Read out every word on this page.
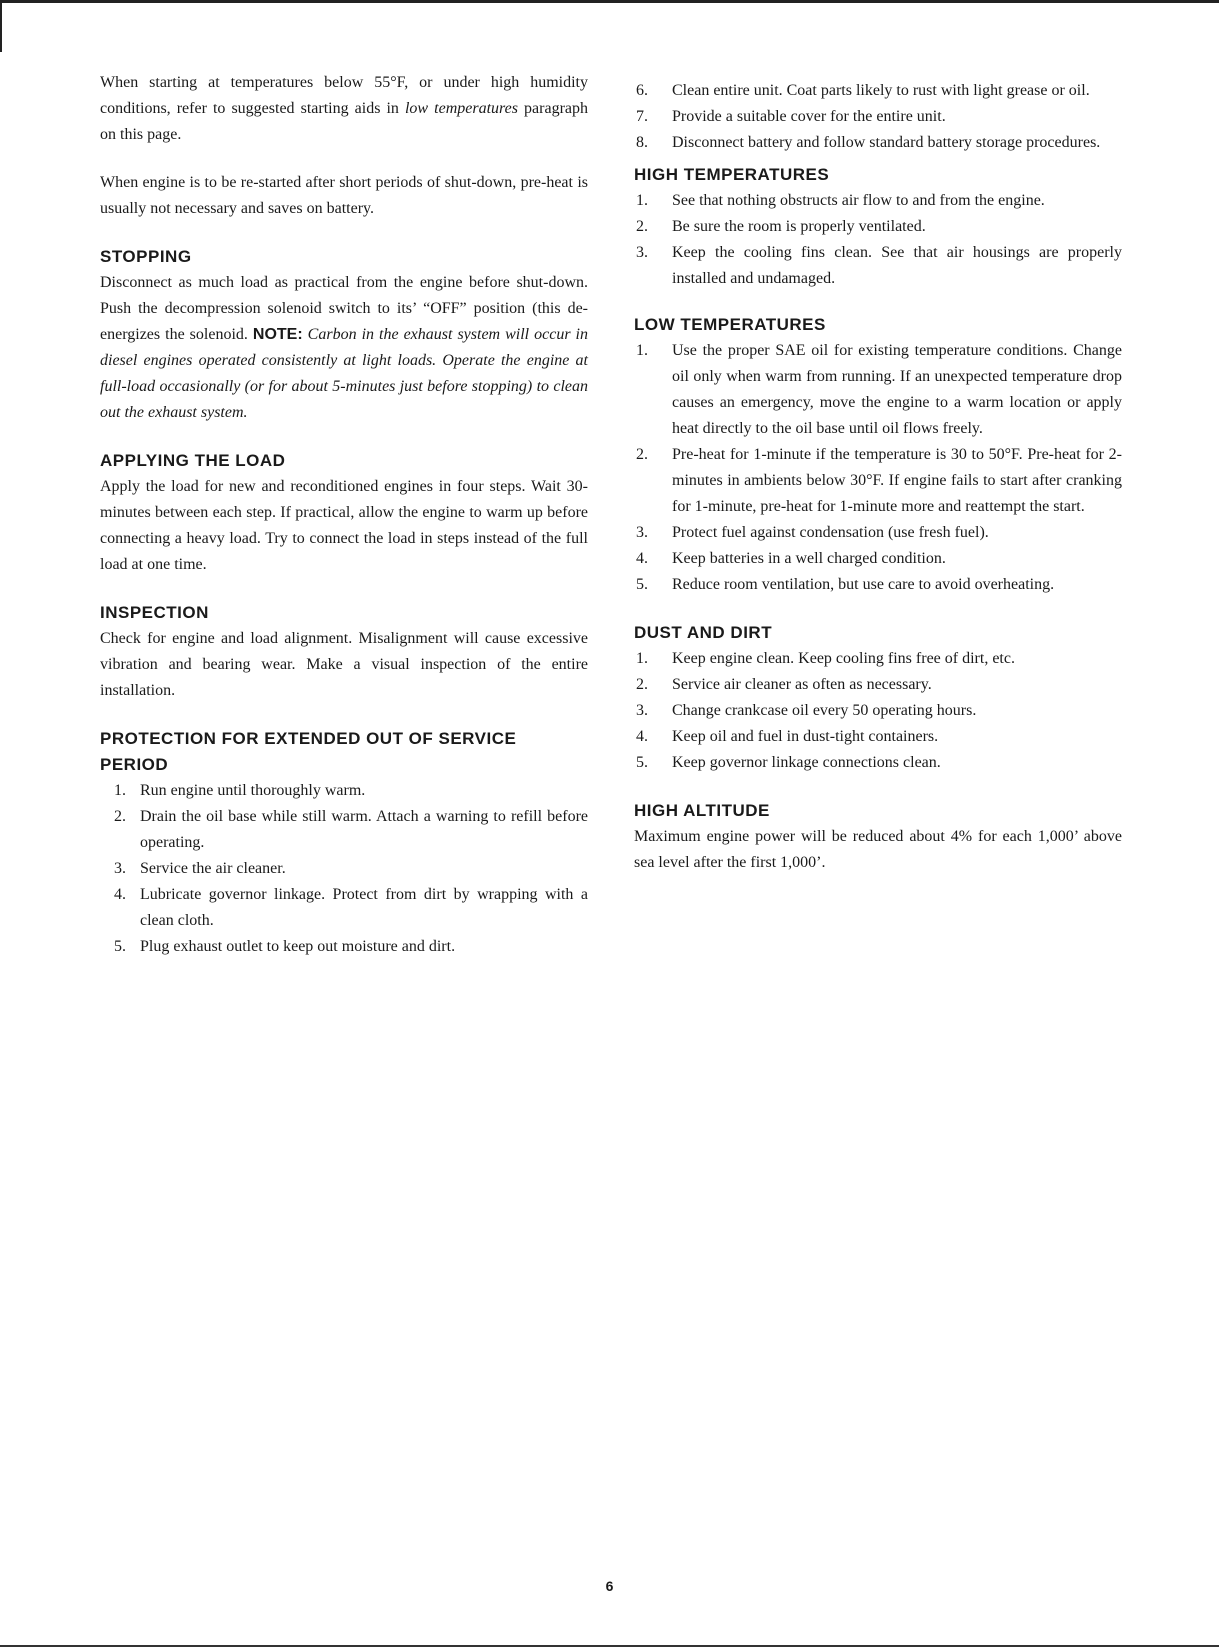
When starting at temperatures below 55°F, or under high humidity conditions, refer to suggested starting aids in low temperatures paragraph on this page.

When engine is to be re-started after short periods of shut-down, pre-heat is usually not necessary and saves on battery.

STOPPING

Disconnect as much load as practical from the engine before shut-down. Push the decompression solenoid switch to its’ “OFF” position (this de-energizes the solenoid. NOTE: Carbon in the exhaust system will occur in diesel engines operated consistently at light loads. Operate the engine at full-load occasionally (or for about 5-minutes just before stopping) to clean out the exhaust system.

APPLYING THE LOAD

Apply the load for new and reconditioned engines in four steps. Wait 30-minutes between each step. If practical, allow the engine to warm up before connecting a heavy load. Try to connect the load in steps instead of the full load at one time.

INSPECTION

Check for engine and load alignment. Misalignment will cause excessive vibration and bearing wear. Make a visual inspection of the entire installation.

PROTECTION FOR EXTENDED OUT OF SERVICE PERIOD
1. Run engine until thoroughly warm.
2. Drain the oil base while still warm. Attach a warning to refill before operating.
3. Service the air cleaner.
4. Lubricate governor linkage. Protect from dirt by wrapping with a clean cloth.
5. Plug exhaust outlet to keep out moisture and dirt.
6. Clean entire unit. Coat parts likely to rust with light grease or oil.
7. Provide a suitable cover for the entire unit.
8. Disconnect battery and follow standard battery storage procedures.
HIGH TEMPERATURES
1. See that nothing obstructs air flow to and from the engine.
2. Be sure the room is properly ventilated.
3. Keep the cooling fins clean. See that air housings are properly installed and undamaged.
LOW TEMPERATURES
1. Use the proper SAE oil for existing temperature conditions. Change oil only when warm from running. If an unexpected temperature drop causes an emergency, move the engine to a warm location or apply heat directly to the oil base until oil flows freely.
2. Pre-heat for 1-minute if the temperature is 30 to 50°F. Pre-heat for 2-minutes in ambients below 30°F. If engine fails to start after cranking for 1-minute, pre-heat for 1-minute more and reattempt the start.
3. Protect fuel against condensation (use fresh fuel).
4. Keep batteries in a well charged condition.
5. Reduce room ventilation, but use care to avoid overheating.
DUST AND DIRT
1. Keep engine clean. Keep cooling fins free of dirt, etc.
2. Service air cleaner as often as necessary.
3. Change crankcase oil every 50 operating hours.
4. Keep oil and fuel in dust-tight containers.
5. Keep governor linkage connections clean.
HIGH ALTITUDE

Maximum engine power will be reduced about 4% for each 1,000’ above sea level after the first 1,000’.

6
